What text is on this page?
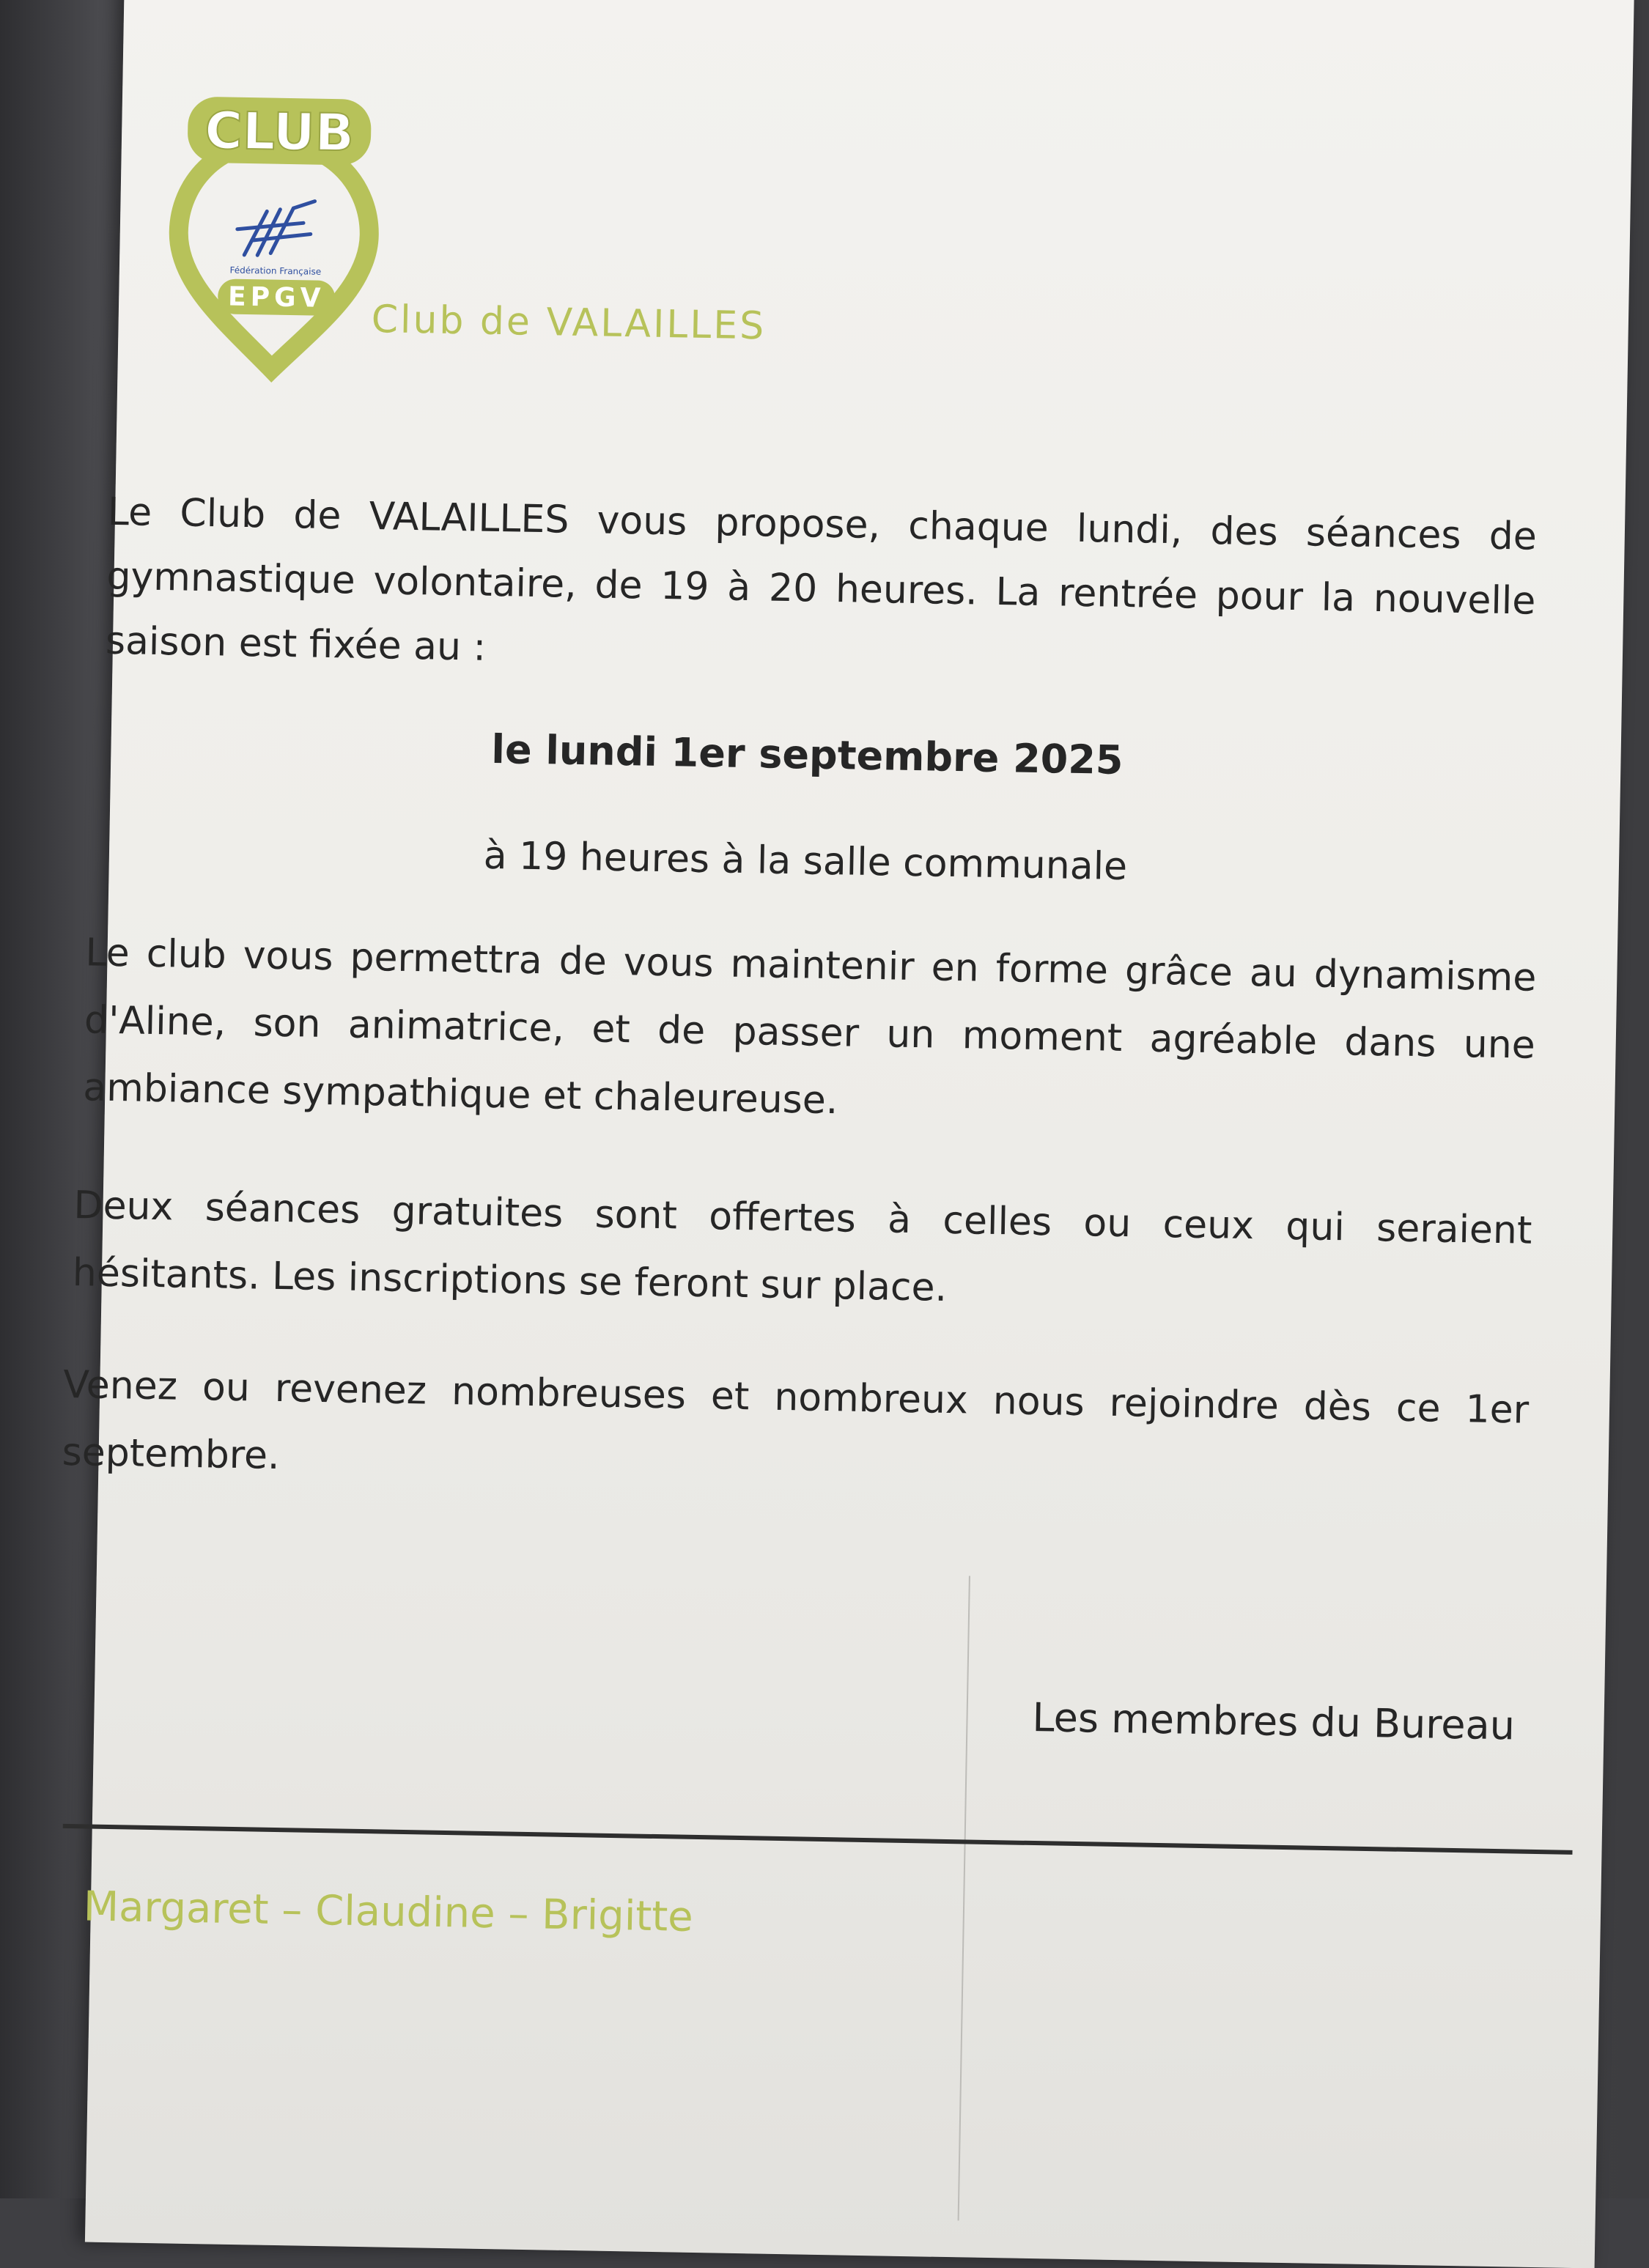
CLUB
Fédération Française
EPGV Club de VALAILLES
Le Club de VALAILLES vous propose, chaque lundi, des séances de gymnastique volontaire, de 19 à 20 heures. La rentrée pour la nouvelle saison est fixée au :
le lundi 1er septembre 2025
à 19 heures à la salle communale
Le club vous permettra de vous maintenir en forme grâce au dynamisme d'Aline, son animatrice, et de passer un moment agréable dans une ambiance sympathique et chaleureuse.
Deux séances gratuites sont offertes à celles ou ceux qui seraient hésitants. Les inscriptions se feront sur place.
Venez ou revenez nombreuses et nombreux nous rejoindre dès ce 1er septembre.
Les membres du Bureau
Margaret – Claudine – Brigitte
